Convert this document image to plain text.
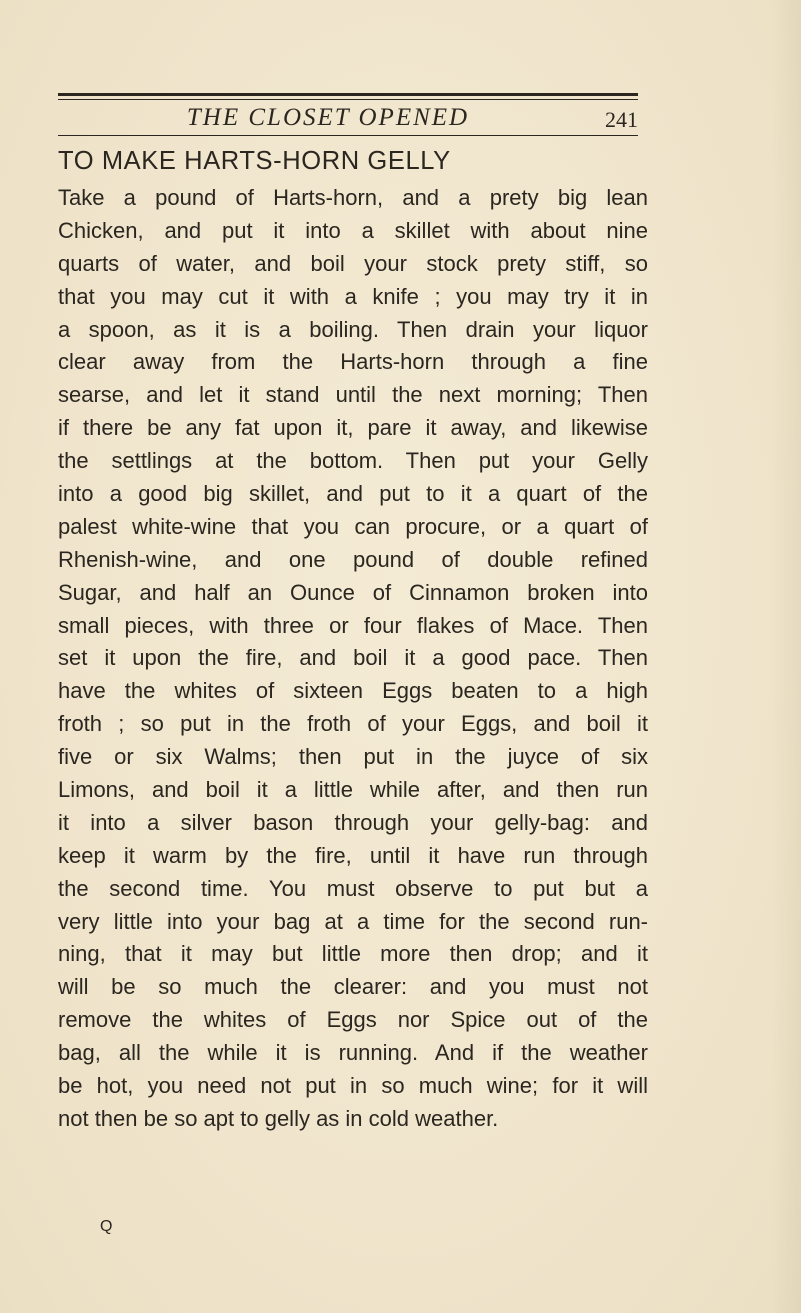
THE CLOSET OPENED	241
TO MAKE HARTS-HORN GELLY
Take a pound of Harts-horn, and a prety big lean
Chicken, and put it into a skillet with about nine
quarts of water, and boil your stock prety stiff, so
that you may cut it with a knife ; you may try it in
a spoon, as it is a boiling. Then drain your liquor
clear away from the Harts-horn through a fine
searse, and let it stand until the next morning; Then
if there be any fat upon it, pare it away, and likewise
the settlings at the bottom. Then put your Gelly
into a good big skillet, and put to it a quart of the
palest white-wine that you can procure, or a quart of
Rhenish-wine, and one pound of double refined
Sugar, and half an Ounce of Cinnamon broken into
small pieces, with three or four flakes of Mace. Then
set it upon the fire, and boil it a good pace. Then
have the whites of sixteen Eggs beaten to a high
froth ; so put in the froth of your Eggs, and boil it
five or six Walms; then put in the juyce of six
Limons, and boil it a little while after, and then run
it into a silver bason through your gelly-bag: and
keep it warm by the fire, until it have run through
the second time. You must observe to put but a
very little into your bag at a time for the second run-
ning, that it may but little more then drop; and it
will be so much the clearer: and you must not
remove the whites of Eggs nor Spice out of the
bag, all the while it is running. And if the weather
be hot, you need not put in so much wine; for it will
not then be so apt to gelly as in cold weather.
Q
